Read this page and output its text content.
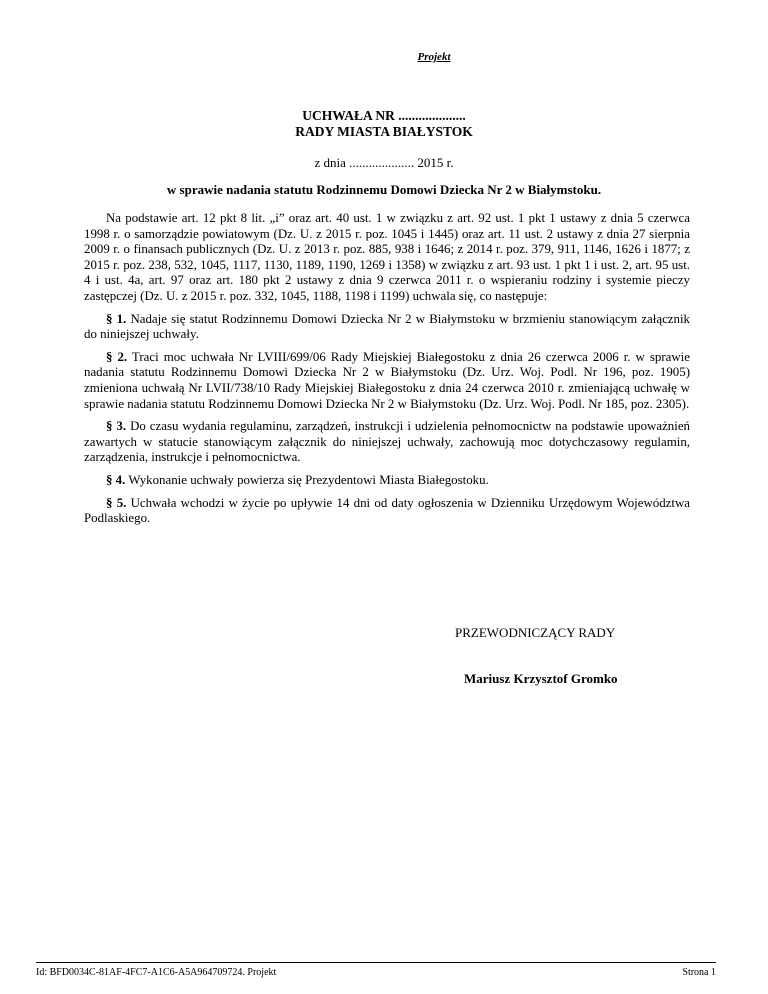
Projekt
UCHWAŁA NR ....................
RADY MIASTA BIAŁYSTOK
z dnia .................... 2015 r.
w sprawie nadania statutu Rodzinnemu Domowi Dziecka Nr 2 w Białymstoku.

Na podstawie art. 12 pkt 8 lit. „i” oraz art. 40 ust. 1 w związku z art. 92 ust. 1 pkt 1 ustawy z dnia 5 czerwca 1998 r. o samorządzie powiatowym (Dz. U. z 2015 r. poz. 1045 i 1445) oraz art. 11 ust. 2 ustawy z dnia 27 sierpnia 2009 r. o finansach publicznych (Dz. U. z 2013 r. poz. 885, 938 i 1646; z 2014 r. poz. 379, 911, 1146, 1626 i 1877; z 2015 r. poz. 238, 532, 1045, 1117, 1130, 1189, 1190, 1269 i 1358) w związku z art. 93 ust. 1 pkt 1 i ust. 2, art. 95 ust. 4 i ust. 4a, art. 97 oraz art. 180 pkt 2 ustawy z dnia 9 czerwca 2011 r. o wspieraniu rodziny i systemie pieczy zastępczej (Dz. U. z 2015 r. poz. 332, 1045, 1188, 1198 i 1199) uchwala się, co następuje:

§ 1. Nadaje się statut Rodzinnemu Domowi Dziecka Nr 2 w Białymstoku w brzmieniu stanowiącym załącznik do niniejszej uchwały.

§ 2. Traci moc uchwała Nr LVIII/699/06 Rady Miejskiej Białegostoku z dnia 26 czerwca 2006 r. w sprawie nadania statutu Rodzinnemu Domowi Dziecka Nr 2 w Białymstoku (Dz. Urz. Woj. Podl. Nr 196, poz. 1905) zmieniona uchwałą Nr LVII/738/10 Rady Miejskiej Białegostoku z dnia 24 czerwca 2010 r. zmieniającą uchwałę w sprawie nadania statutu Rodzinnemu Domowi Dziecka Nr 2 w Białymstoku (Dz. Urz. Woj. Podl. Nr 185, poz. 2305).

§ 3. Do czasu wydania regulaminu, zarządzeń, instrukcji i udzielenia pełnomocnictw na podstawie upoważnień zawartych w statucie stanowiącym załącznik do niniejszej uchwały, zachowują moc dotychczasowy regulamin, zarządzenia, instrukcje i pełnomocnictwa.

§ 4. Wykonanie uchwały powierza się Prezydentowi Miasta Białegostoku.

§ 5. Uchwała wchodzi w życie po upływie 14 dni od daty ogłoszenia w Dzienniku Urzędowym Województwa Podlaskiego.

PRZEWODNICZĄCY RADY
Mariusz Krzysztof Gromko
Id: BFD0034C-81AF-4FC7-A1C6-A5A964709724. Projekt	Strona 1
